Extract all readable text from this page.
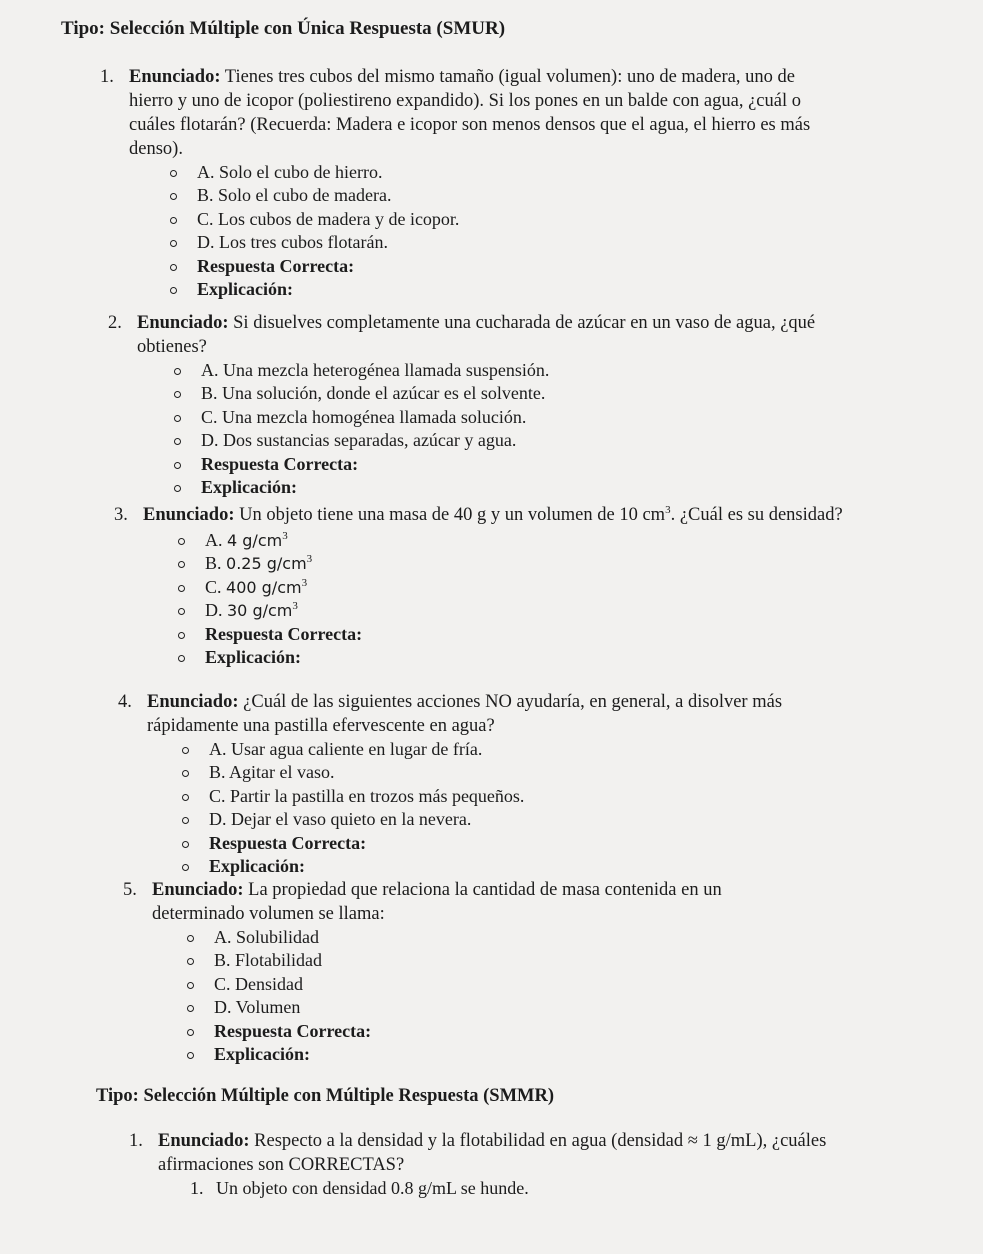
Tipo: Selección Múltiple con Única Respuesta (SMUR)
1. Enunciado: Tienes tres cubos del mismo tamaño (igual volumen): uno de madera, uno de hierro y uno de icopor (poliestireno expandido). Si los pones en un balde con agua, ¿cuál o cuáles flotarán? (Recuerda: Madera e icopor son menos densos que el agua, el hierro es más denso).
A. Solo el cubo de hierro.
B. Solo el cubo de madera.
C. Los cubos de madera y de icopor.
D. Los tres cubos flotarán.
Respuesta Correcta:
Explicación:
2. Enunciado: Si disuelves completamente una cucharada de azúcar en un vaso de agua, ¿qué obtienes?
A. Una mezcla heterogénea llamada suspensión.
B. Una solución, donde el azúcar es el solvente.
C. Una mezcla homogénea llamada solución.
D. Dos sustancias separadas, azúcar y agua.
Respuesta Correcta:
Explicación:
3. Enunciado: Un objeto tiene una masa de 40 g y un volumen de 10 $cm^3$. ¿Cuál es su densidad?
A. 4 $g/cm^3$
B. 0.25 $g/cm^3$
C. 400 $g/cm^3$
D. 30 $g/cm^3$
Respuesta Correcta:
Explicación:
4. Enunciado: ¿Cuál de las siguientes acciones NO ayudaría, en general, a disolver más rápidamente una pastilla efervescente en agua?
A. Usar agua caliente en lugar de fría.
B. Agitar el vaso.
C. Partir la pastilla en trozos más pequeños.
D. Dejar el vaso quieto en la nevera.
Respuesta Correcta:
Explicación:
5. Enunciado: La propiedad que relaciona la cantidad de masa contenida en un determinado volumen se llama:
A. Solubilidad
B. Flotabilidad
C. Densidad
D. Volumen
Respuesta Correcta:
Explicación:
Tipo: Selección Múltiple con Múltiple Respuesta (SMMR)
1. Enunciado: Respecto a la densidad y la flotabilidad en agua (densidad ≈ 1 g/mL), ¿cuáles afirmaciones son CORRECTAS?
1. Un objeto con densidad 0.8 g/mL se hunde.
